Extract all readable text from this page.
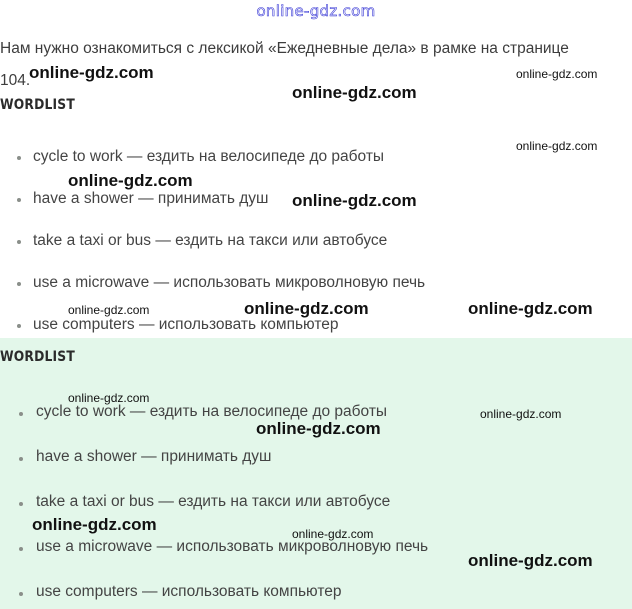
online-gdz.com
Нам нужно ознакомиться с лексикой «Ежедневные дела» в рамке на странице
104.
WORDLIST
cycle to work — ездить на велосипеде до работы
have a shower — принимать душ
take a taxi or bus — ездить на такси или автобусе
use a microwave — использовать микроволновую печь
use computers — использовать компьютер
WORDLIST
cycle to work — ездить на велосипеде до работы
have a shower — принимать душ
take a taxi or bus — ездить на такси или автобусе
use a microwave — использовать микроволновую печь
use computers — использовать компьютер
online-gdz.com	online-gdz.com
online-gdz.com
online-gdz.com
online-gdz.com
online-gdz.com
online-gdz.com	online-gdz.com	online-gdz.com
online-gdz.com
online-gdz.com
online-gdz.com
online-gdz.com	online-gdz.com
online-gdz.com
